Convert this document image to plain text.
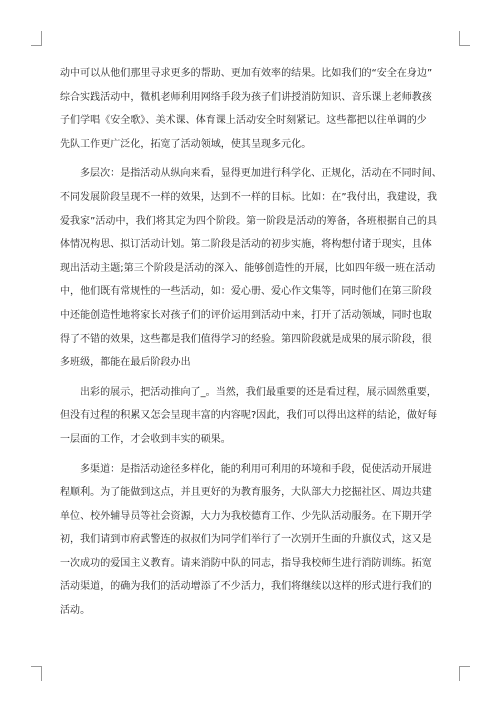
动中可以从他们那里寻求更多的帮助、更加有效率的结果。比如我们的“安全在身边”
综合实践活动中，微机老师利用网络手段为孩子们讲授消防知识、音乐课上老师教孩
子们学唱《安全歌》、美术课、体育课上活动安全时刻紧记。这些都把以往单调的少
先队工作更广泛化，拓宽了活动领域，使其呈现多元化。
多层次：是指活动从纵向来看，显得更加进行科学化、正规化，活动在不同时间、
不同发展阶段呈现不一样的效果，达到不一样的目标。比如：在”我付出，我建设，我
爱我家”活动中，我们将其定为四个阶段。第一阶段是活动的筹备，各班根据自己的具
体情况构思、拟订活动计划。第二阶段是活动的初步实施，将构想付诸于现实，且体
现出活动主题;第三个阶段是活动的深入、能够创造性的开展，比如四年级一班在活动
中，他们既有常规性的一些活动，如：爱心册、爱心作文集等，同时他们在第三阶段
中还能创造性地将家长对孩子们的评价运用到活动中来，打开了活动领域，同时也取
得了不错的效果，这些都是我们值得学习的经验。第四阶段就是成果的展示阶段，很
多班级，都能在最后阶段办出
出彩的展示，把活动推向了_。当然，我们最重要的还是看过程，展示固然重要，
但没有过程的积累又怎会呈现丰富的内容呢?因此，我们可以得出这样的结论，做好每
一层面的工作，才会收到丰实的硕果。
多渠道：是指活动途径多样化，能的利用可利用的环境和手段，促使活动开展进
程顺利。为了能做到这点，并且更好的为教育服务，大队部大力挖掘社区、周边共建
单位、校外辅导员等社会资源，大力为我校德育工作、少先队活动服务。在下期开学
初，我们请到市府武警连的叔叔们为同学们举行了一次别开生面的升旗仪式，这又是
一次成功的爱国主义教育。请来消防中队的同志，指导我校师生进行消防训练。拓宽
活动渠道，的确为我们的活动增添了不少活力，我们将继续以这样的形式进行我们的
活动。
